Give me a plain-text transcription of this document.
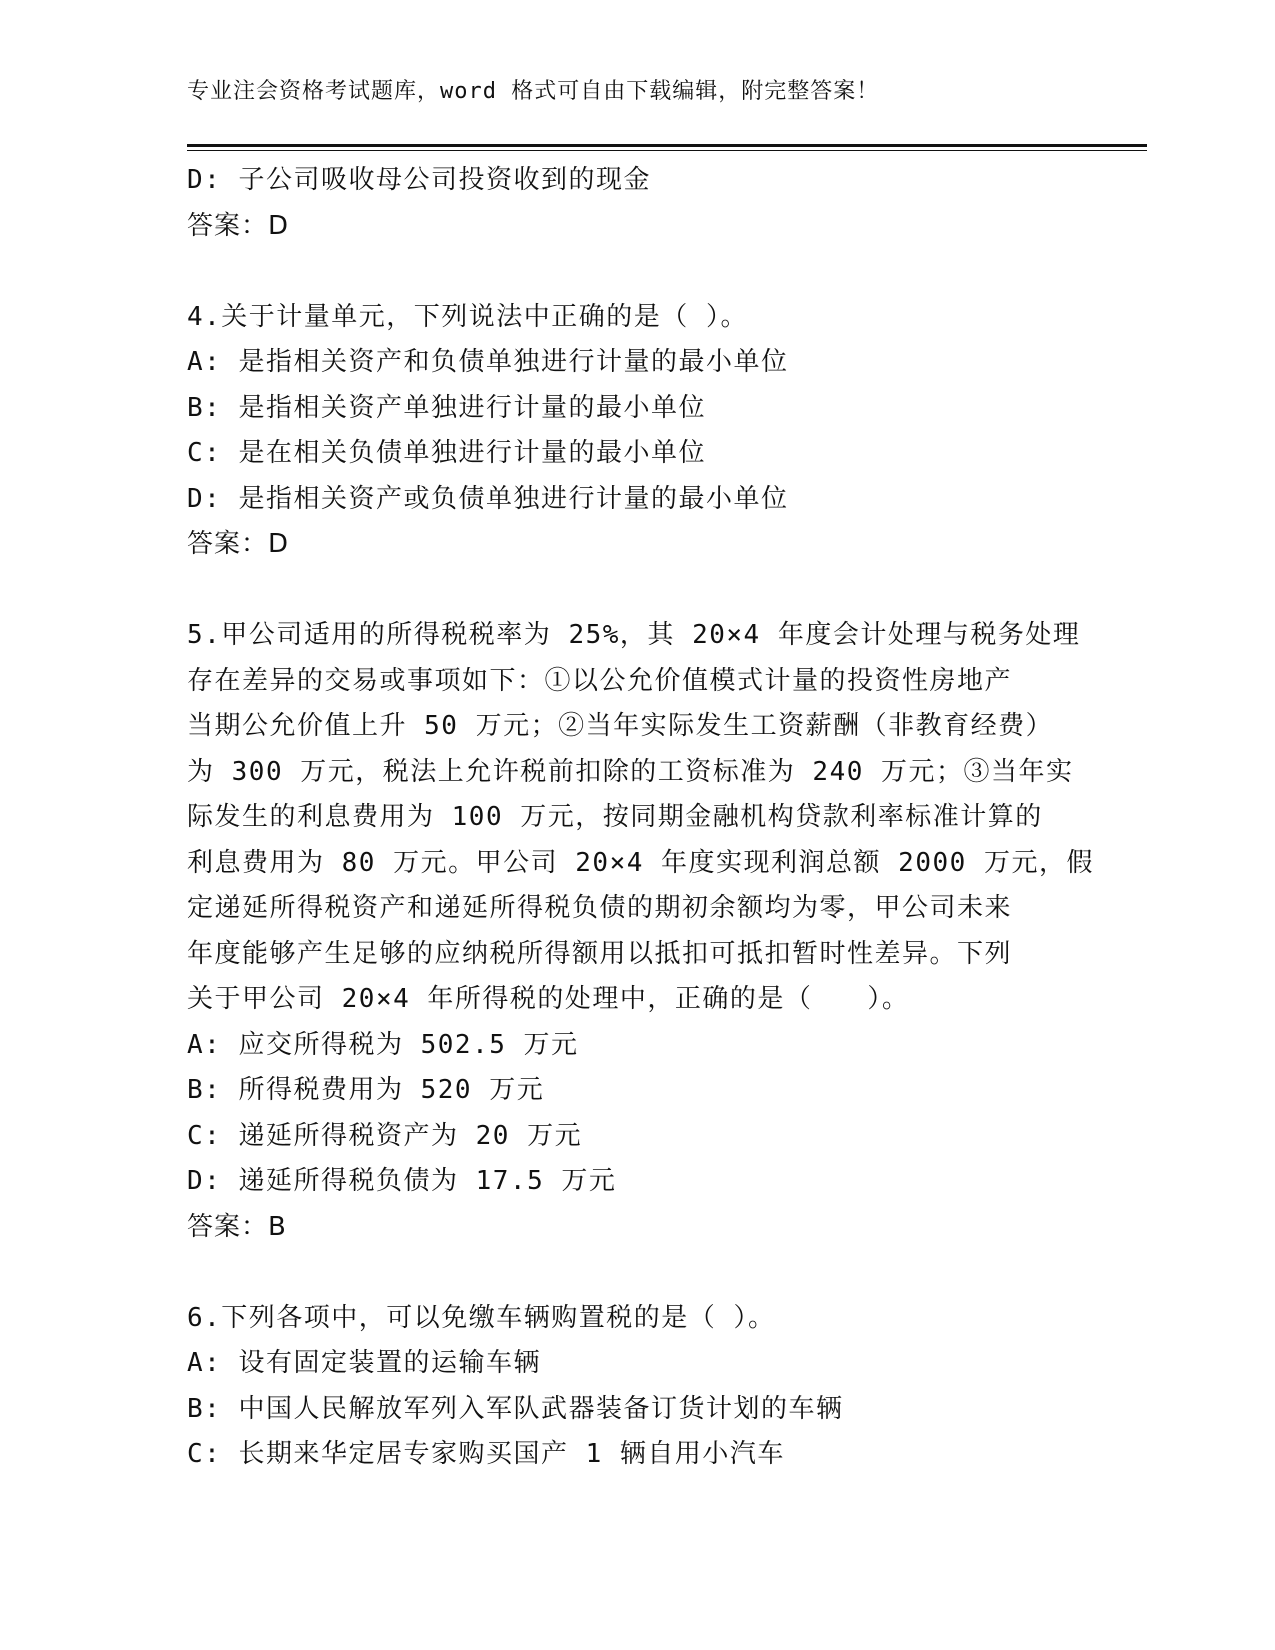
专业注会资格考试题库，word 格式可自由下载编辑，附完整答案！
D: 子公司吸收母公司投资收到的现金
答案：D
4.关于计量单元，下列说法中正确的是（ ）。
A: 是指相关资产和负债单独进行计量的最小单位
B: 是指相关资产单独进行计量的最小单位
C: 是在相关负债单独进行计量的最小单位
D: 是指相关资产或负债单独进行计量的最小单位
答案：D
5.甲公司适用的所得税税率为 25%，其 20×4 年度会计处理与税务处理
存在差异的交易或事项如下：①以公允价值模式计量的投资性房地产
当期公允价值上升 50 万元；②当年实际发生工资薪酬（非教育经费）
为 300 万元，税法上允许税前扣除的工资标准为 240 万元；③当年实
际发生的利息费用为 100 万元，按同期金融机构贷款利率标准计算的
利息费用为 80 万元。甲公司 20×4 年度实现利润总额 2000 万元，假
定递延所得税资产和递延所得税负债的期初余额均为零，甲公司未来
年度能够产生足够的应纳税所得额用以抵扣可抵扣暂时性差异。下列
关于甲公司 20×4 年所得税的处理中，正确的是（　　）。
A: 应交所得税为 502.5 万元
B: 所得税费用为 520 万元
C: 递延所得税资产为 20 万元
D: 递延所得税负债为 17.5 万元
答案：B
6.下列各项中，可以免缴车辆购置税的是（ ）。
A: 设有固定装置的运输车辆
B: 中国人民解放军列入军队武器装备订货计划的车辆
C: 长期来华定居专家购买国产 1 辆自用小汽车
